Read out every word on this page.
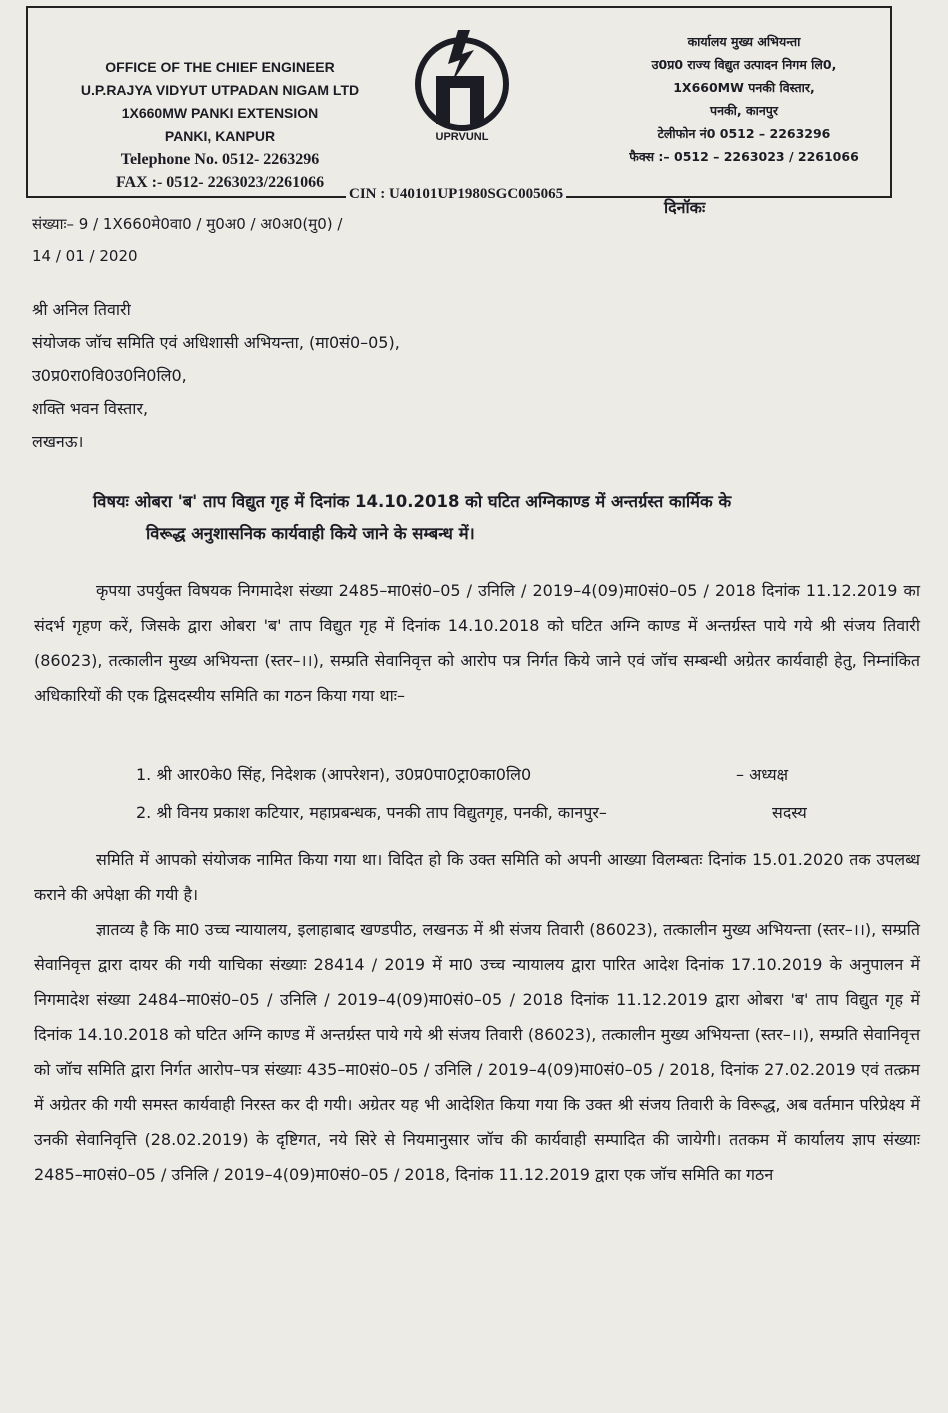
OFFICE OF THE CHIEF ENGINEER
U.P.RAJYA VIDYUT UTPADAN NIGAM LTD
1X660MW PANKI EXTENSION
PANKI, KANPUR
Telephone No. 0512- 2263296
FAX :- 0512- 2263023/2261066
UPRVUNL
कार्यालय मुख्य अभियन्ता
उ0प्र0 राज्य विद्युत उत्पादन निगम लि0,
1X660MW पनकी विस्तार,
पनकी, कानपुर
टेलीफोन नं0 0512 – 2263296
फैक्स :– 0512 – 2263023 / 2261066
CIN : U40101UP1980SGC005065
दिनॉकः
संख्याः– 9 / 1X660मे0वा0 / मु0अ0 / अ0अ0(मु0) /
14 / 01 / 2020
श्री अनिल तिवारी
संयोजक जॉच समिति एवं अधिशासी अभियन्ता, (मा0सं0–05),
उ0प्र0रा0वि0उ0नि0लि0,
शक्ति भवन विस्तार,
लखनऊ।
विषयः ओबरा 'ब' ताप विद्युत गृह में दिनांक 14.10.2018 को घटित अग्निकाण्ड में अन्तर्ग्रस्त कार्मिक के
विरूद्ध अनुशासनिक कार्यवाही किये जाने के सम्बन्ध में।
कृपया उपर्युक्त विषयक निगमादेश संख्या 2485–मा0सं0–05 / उनिलि / 2019–4(09)मा0सं0–05 / 2018 दिनांक 11.12.2019 का संदर्भ गृहण करें, जिसके द्वारा ओबरा 'ब' ताप विद्युत गृह में दिनांक 14.10.2018 को घटित अग्नि काण्ड में अन्तर्ग्रस्त पाये गये श्री संजय तिवारी (86023), तत्कालीन मुख्य अभियन्ता (स्तर–।।), सम्प्रति सेवानिवृत्त को आरोप पत्र निर्गत किये जाने एवं जॉच सम्बन्धी अग्रेतर कार्यवाही हेतु, निम्नांकित अधिकारियों की एक द्विसदस्यीय समिति का गठन किया गया थाः–
1. श्री आर0के0 सिंह, निदेशक (आपरेशन), उ0प्र0पा0ट्रा0का0लि0	– अध्यक्ष
2. श्री विनय प्रकाश कटियार, महाप्रबन्धक, पनकी ताप विद्युतगृह, पनकी, कानपुर–	सदस्य
समिति में आपको संयोजक नामित किया गया था। विदित हो कि उक्त समिति को अपनी आख्या विलम्बतः दिनांक 15.01.2020 तक उपलब्ध कराने की अपेक्षा की गयी है।
ज्ञातव्य है कि मा0 उच्च न्यायालय, इलाहाबाद खण्डपीठ, लखनऊ में श्री संजय तिवारी (86023), तत्कालीन मुख्य अभियन्ता (स्तर–।।), सम्प्रति सेवानिवृत्त द्वारा दायर की गयी याचिका संख्याः 28414 / 2019 में मा0 उच्च न्यायालय द्वारा पारित आदेश दिनांक 17.10.2019 के अनुपालन में निगमादेश संख्या 2484–मा0सं0–05 / उनिलि / 2019–4(09)मा0सं0–05 / 2018 दिनांक 11.12.2019 द्वारा ओबरा 'ब' ताप विद्युत गृह में दिनांक 14.10.2018 को घटित अग्नि काण्ड में अन्तर्ग्रस्त पाये गये श्री संजय तिवारी (86023), तत्कालीन मुख्य अभियन्ता (स्तर–।।), सम्प्रति सेवानिवृत्त को जॉच समिति द्वारा निर्गत आरोप–पत्र संख्याः 435–मा0सं0–05 / उनिलि / 2019–4(09)मा0सं0–05 / 2018, दिनांक 27.02.2019 एवं तत्क्रम में अग्रेतर की गयी समस्त कार्यवाही निरस्त कर दी गयी। अग्रेतर यह भी आदेशित किया गया कि उक्त श्री संजय तिवारी के विरूद्ध, अब वर्तमान परिप्रेक्ष्य में उनकी सेवानिवृत्ति (28.02.2019) के दृष्टिगत, नये सिरे से नियमानुसार जॉच की कार्यवाही सम्पादित की जायेगी। ततकम में कार्यालय ज्ञाप संख्याः 2485–मा0सं0–05 / उनिलि / 2019–4(09)मा0सं0–05 / 2018, दिनांक 11.12.2019 द्वारा एक जॉच समिति का गठन
